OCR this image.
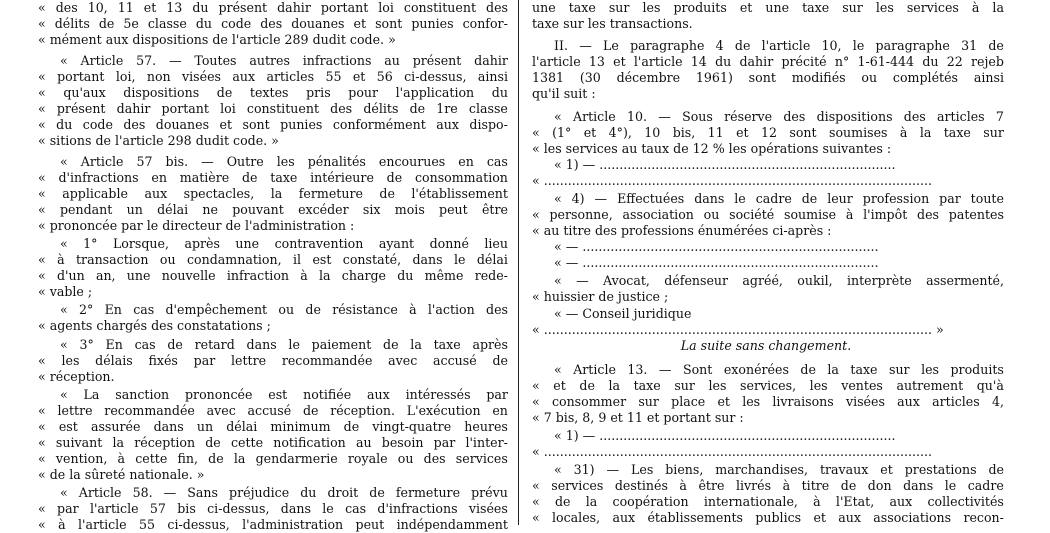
« des 10, 11 et 13 du présent dahir portant loi constituent des
« délits de 5e classe du code des douanes et sont punies confor-
« mément aux dispositions de l'article 289 dudit code. »
« Article 57. — Toutes autres infractions au présent dahir
« portant loi, non visées aux articles 55 et 56 ci-dessus, ainsi
« qu'aux dispositions de textes pris pour l'application du
« présent dahir portant loi constituent des délits de 1re classe
« du code des douanes et sont punies conformément aux dispo-
« sitions de l'article 298 dudit code. »
« Article 57 bis. — Outre les pénalités encourues en cas
« d'infractions en matière de taxe intérieure de consommation
« applicable aux spectacles, la fermeture de l'établissement
« pendant un délai ne pouvant excéder six mois peut être
« prononcée par le directeur de l'administration :
« 1° Lorsque, après une contravention ayant donné lieu
« à transaction ou condamnation, il est constaté, dans le délai
« d'un an, une nouvelle infraction à la charge du même rede-
« vable ;
« 2° En cas d'empêchement ou de résistance à l'action des
« agents chargés des constatations ;
« 3° En cas de retard dans le paiement de la taxe après
« les délais fixés par lettre recommandée avec accusé de
« réception.
« La sanction prononcée est notifiée aux intéressés par
« lettre recommandée avec accusé de réception. L'exécution en
« est assurée dans un délai minimum de vingt-quatre heures
« suivant la réception de cette notification au besoin par l'inter-
« vention, à cette fin, de la gendarmerie royale ou des services
« de la sûreté nationale. »
« Article 58. — Sans préjudice du droit de fermeture prévu
« par l'article 57 bis ci-dessus, dans le cas d'infractions visées
« à l'article 55 ci-dessus, l'administration peut indépendamment
une taxe sur les produits et une taxe sur les services à la
taxe sur les transactions.
II. — Le paragraphe 4 de l'article 10, le paragraphe 31 de
l'article 13 et l'article 14 du dahir précité n° 1-61-444 du 22 rejeb
1381 (30 décembre 1961) sont modifiés ou complétés ainsi
qu'il suit :
« Article 10. — Sous réserve des dispositions des articles 7
« (1° et 4°), 10 bis, 11 et 12 sont soumises à la taxe sur
« les services au taux de 12 % les opérations suivantes :
« 1) — ..........................................................................
« .................................................................................................
« 4) — Effectuées dans le cadre de leur profession par toute
« personne, association ou société soumise à l'impôt des patentes
« au titre des professions énumérées ci-après :
« — ..........................................................................
« — ..........................................................................
« — Avocat, défenseur agréé, oukil, interprète assermenté,
« huissier de justice ;
« — Conseil juridique
« ................................................................................................. »
La suite sans changement.
« Article 13. — Sont exonérées de la taxe sur les produits
« et de la taxe sur les services, les ventes autrement qu'à
« consommer sur place et les livraisons visées aux articles 4,
« 7 bis, 8, 9 et 11 et portant sur :
« 1) — ..........................................................................
« .................................................................................................
« 31) — Les biens, marchandises, travaux et prestations de
« services destinés à être livrés à titre de don dans le cadre
« de la coopération internationale, à l'Etat, aux collectivités
« locales, aux établissements publics et aux associations recon-
